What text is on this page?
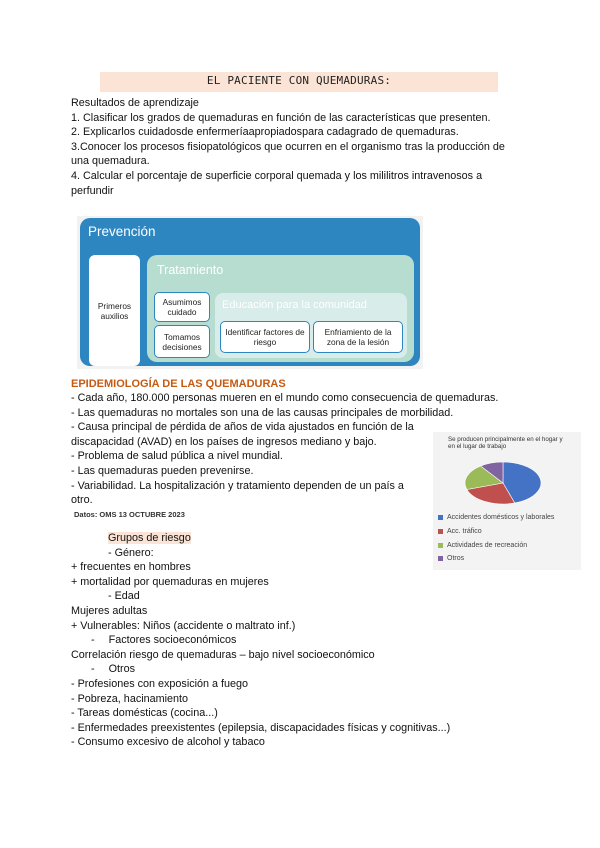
EL PACIENTE CON QUEMADURAS:
Resultados de aprendizaje
1. Clasificar los grados de quemaduras en función de las características que presenten.
2. Explicarlos cuidadosde enfermeríaapropiadospara cadagrado de quemaduras.
3.Conocer los procesos fisiopatológicos que ocurren en el organismo tras la producción de una quemadura.
4. Calcular el porcentaje de superficie corporal quemada y los mililitros intravenosos a perfundir
Prevención
Primeros auxilios
Tratamiento
Asumimos cuidado
Tomamos decisiones
Educación para la comunidad
Identificar factores de riesgo
Enfriamiento de la zona de la lesión
EPIDEMIOLOGÍA DE LAS QUEMADURAS
- Cada año, 180.000 personas mueren en el mundo como consecuencia de quemaduras.
- Las quemaduras no mortales son una de las causas principales de morbilidad.
- Causa principal de pérdida de años de vida ajustados en función de la
discapacidad (AVAD) en los países de ingresos mediano y bajo.
- Problema de salud pública a nivel mundial.
- Las quemaduras pueden prevenirse.
- Variabilidad. La hospitalización y tratamiento dependen de un país a
otro.
Datos: OMS 13 OCTUBRE 2023
Se producen principalmente en el hogar y en el lugar de trabajo
Accidentes domésticos y laborales
Acc. tráfico
Actividades de recreación
Otros
Grupos de riesgo
- Género:
+ frecuentes en hombres
+ mortalidad por quemaduras en mujeres
- Edad
Mujeres adultas
+ Vulnerables: Niños (accidente o maltrato inf.)
- Factores socioeconómicos
Correlación riesgo de quemaduras – bajo nivel socioeconómico
- Otros
- Profesiones con exposición a fuego
- Pobreza, hacinamiento
- Tareas domésticas (cocina...)
- Enfermedades preexistentes (epilepsia, discapacidades físicas y cognitivas...)
- Consumo excesivo de alcohol y tabaco
